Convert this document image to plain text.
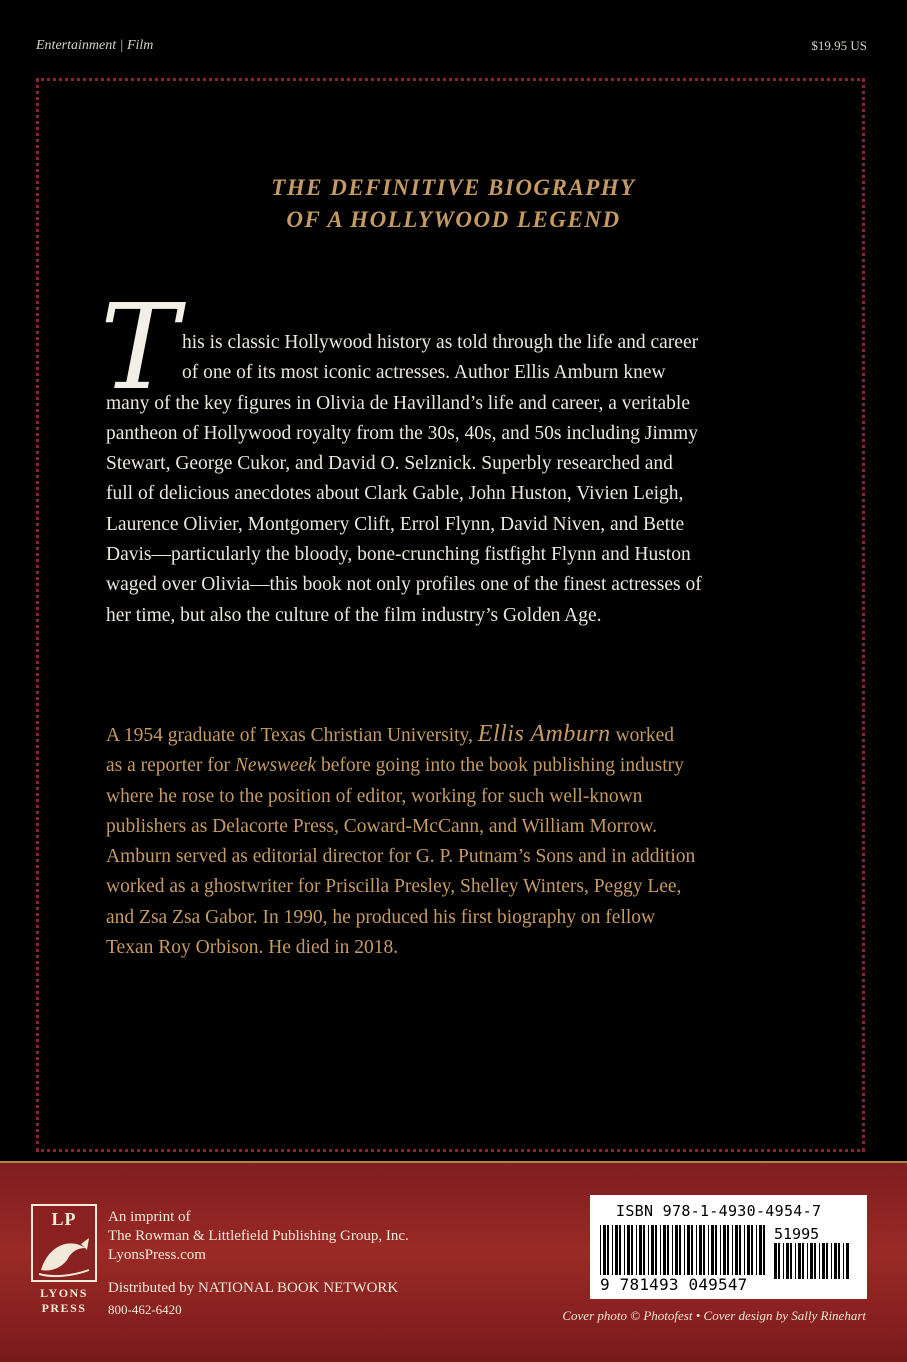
Entertainment | Film	$19.95 US
THE DEFINITIVE BIOGRAPHY
OF A HOLLYWOOD LEGEND
T his is classic Hollywood history as told through the life and career
of one of its most iconic actresses. Author Ellis Amburn knew
many of the key figures in Olivia de Havilland’s life and career, a veritable
pantheon of Hollywood royalty from the 30s, 40s, and 50s including Jimmy
Stewart, George Cukor, and David O. Selznick. Superbly researched and
full of delicious anecdotes about Clark Gable, John Huston, Vivien Leigh,
Laurence Olivier, Montgomery Clift, Errol Flynn, David Niven, and Bette
Davis—particularly the bloody, bone-crunching fistfight Flynn and Huston
waged over Olivia—this book not only profiles one of the finest actresses of
her time, but also the culture of the film industry’s Golden Age.
A 1954 graduate of Texas Christian University, Ellis Amburn worked
as a reporter for Newsweek before going into the book publishing industry
where he rose to the position of editor, working for such well-known
publishers as Delacorte Press, Coward-McCann, and William Morrow.
Amburn served as editorial director for G. P. Putnam’s Sons and in addition
worked as a ghostwriter for Priscilla Presley, Shelley Winters, Peggy Lee,
and Zsa Zsa Gabor. In 1990, he produced his first biography on fellow
Texan Roy Orbison. He died in 2018.
LP
LYONS
PRESS
An imprint of
The Rowman & Littlefield Publishing Group, Inc.
LyonsPress.com
Distributed by NATIONAL BOOK NETWORK
800-462-6420
ISBN 978-1-4930-4954-7
51995
9 781493 049547
Cover photo © Photofest • Cover design by Sally Rinehart
